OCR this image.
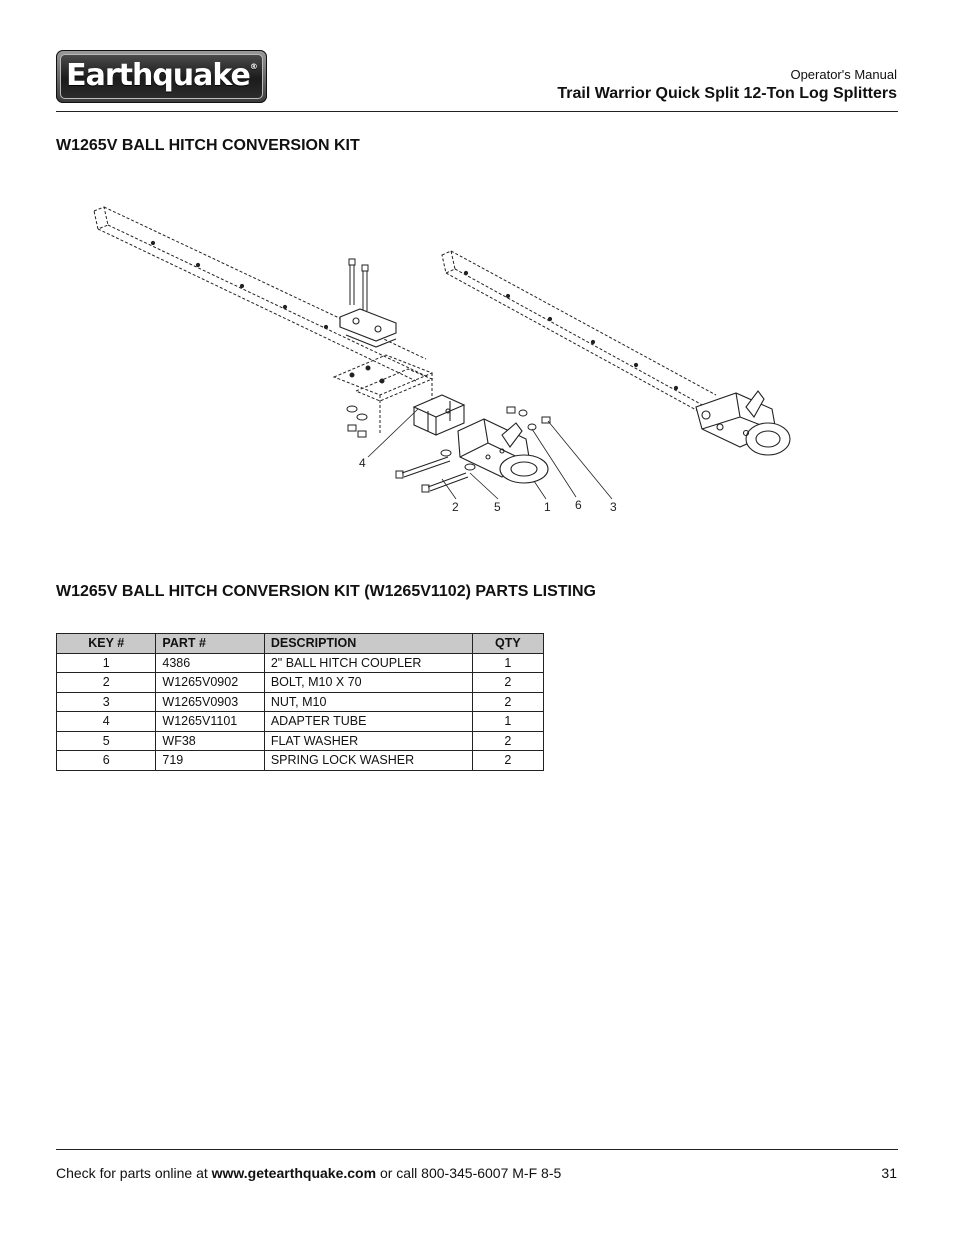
Earthquake®
Operator's Manual
Trail Warrior Quick Split 12-Ton Log Splitters
W1265V BALL HITCH CONVERSION KIT
4
2	5	1 6 3
W1265V BALL HITCH CONVERSION KIT (W1265V1102) PARTS LISTING
KEY #	PART #	DESCRIPTION	QTY
1	4386	2" BALL HITCH COUPLER	1
2	W1265V0902	BOLT, M10 X 70	2
3	W1265V0903	NUT, M10	2
4	W1265V1101	ADAPTER TUBE	1
5	WF38	FLAT WASHER	2
6	719	SPRING LOCK WASHER	2
Check for parts online at www.getearthquake.com or call 800-345-6007 M-F 8-5	31
